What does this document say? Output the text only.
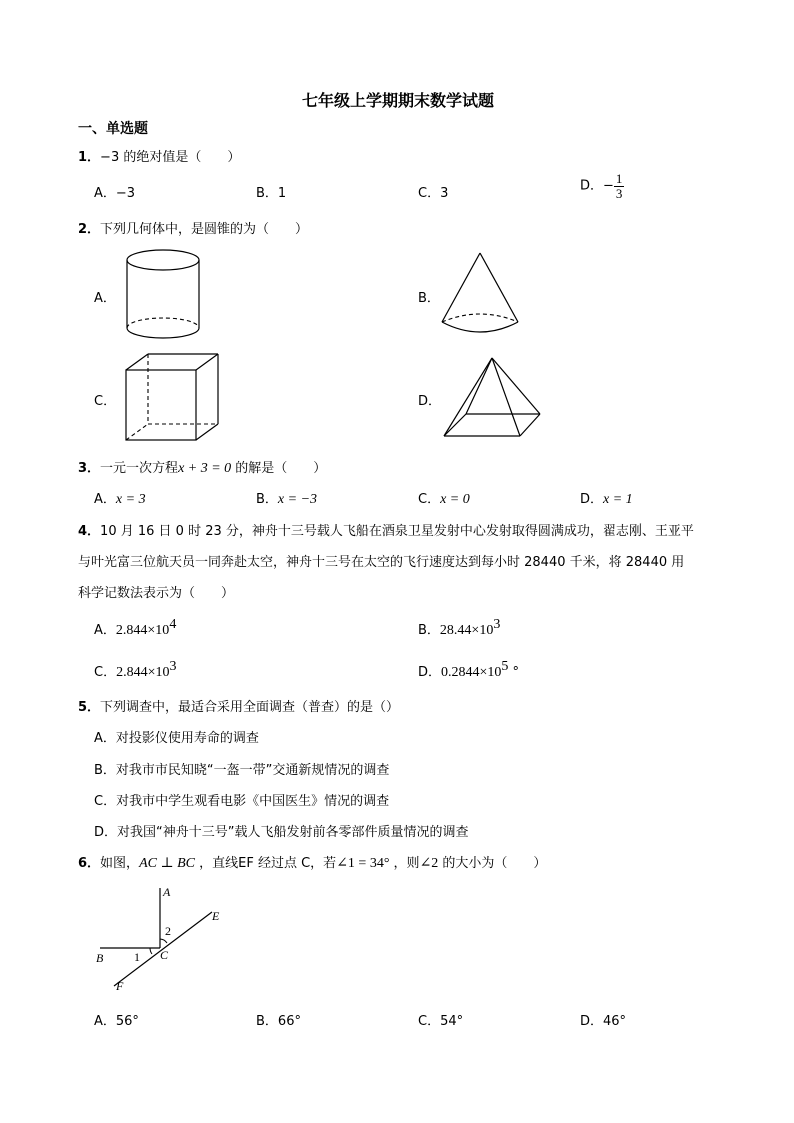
七年级上学期期末数学试题
一、单选题
1．−3 的绝对值是（　　）
A．−3	B．1	C．3	D．− $\frac{1}{3}$
2．下列几何体中，是圆锥的为（　　）
A．	B．
C．	D．
3．一元一次方程x + 3 = 0 的解是（　　）
A．x = 3	B．x = −3	C．x = 0	D．x = 1
4．10 月 16 日 0 时 23 分，神舟十三号载人飞船在酒泉卫星发射中心发射取得圆满成功，翟志刚、王亚平
与叶光富三位航天员一同奔赴太空，神舟十三号在太空的飞行速度达到每小时 28440 千米，将 28440 用
科学记数法表示为（　　）
A．$2.844\times 10^4$	B．$28.44\times 10^3$
C．$2.844\times 10^3$	D．$0.2844\times 10^5$ °
5．下列调查中，最适合采用全面调查（普查）的是（）
A．对投影仪使用寿命的调查
B．对我市市民知晓“一盔一带”交通新规情况的调查
C．对我市中学生观看电影《中国医生》情况的调查
D．对我国“神舟十三号”载人飞船发射前各零部件质量情况的调查
6．如图，AC ⊥ BC ，直线EF 经过点 C，若∠1 = 34° ，则∠2 的大小为（　　）
A
E
B	C
F
1
2
A．56°	B．66°	C．54°	D．46°
